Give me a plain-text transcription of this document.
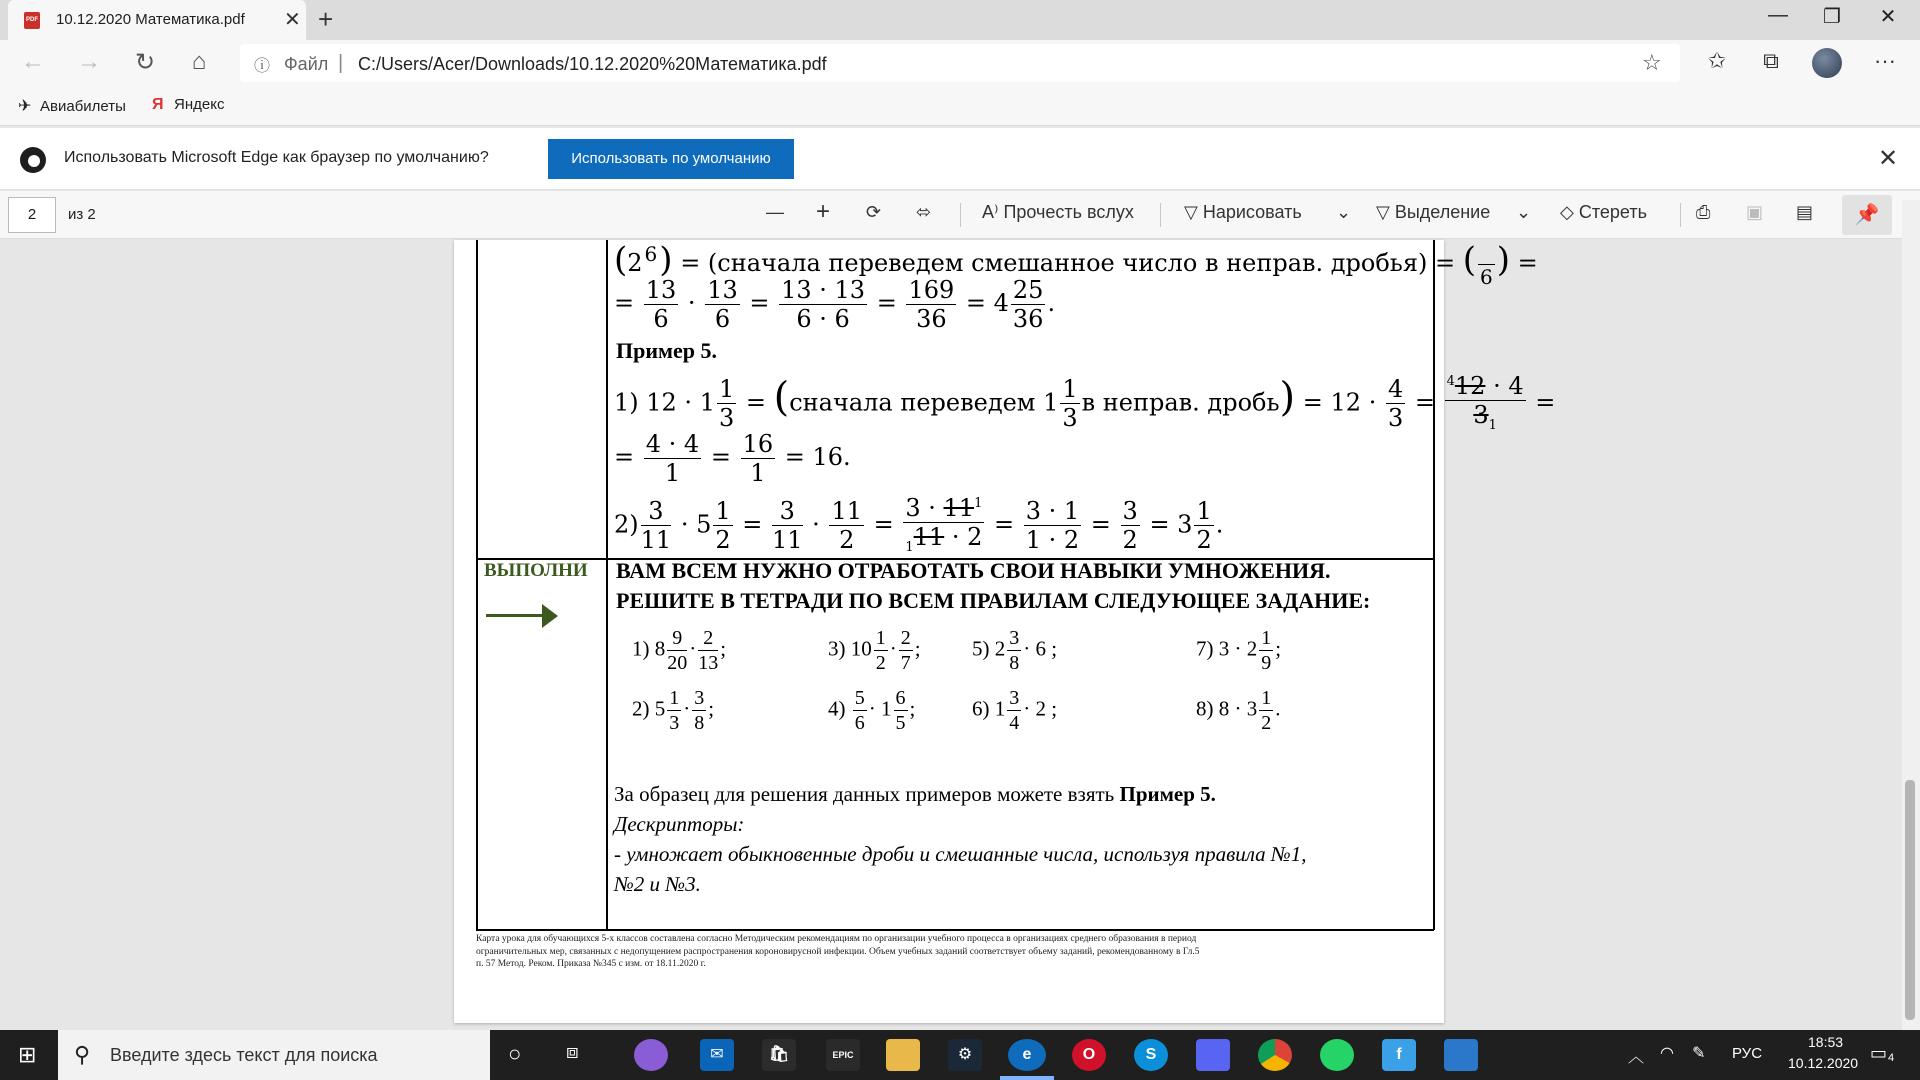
PDF 10.12.2020 Математика.pdf ✕ +	—	❐	✕
← → ↻	⌂	ⓘ Файл | C:/Users/Acer/Downloads/10.12.2020%20Математика.pdf	☆	✩	⧉	···
✈ Авиабилеты Я Яндекс
Использовать Microsoft Edge как браузер по умолчанию?	Использовать по умолчанию	✕
2	из 2	— + ⟳ ⬄	A⁾ Прочесть вслух	▽ Нарисовать ⌄ ▽ Выделение ⌄ ◇ Стереть	⎙ ▣ ▤	📌
(2 6 ) = (сначала переведем смешанное число в неправ. дробья) = ( 6 ) =
= $\frac{13}{6} \cdot \frac{13}{6} = \frac{13 \cdot 13}{6 \cdot 6} = \frac{169}{36} = 4 \frac{25}{36}$ .
Пример 5.
1) $12 \cdot 1 \frac{1}{3}$ = (сначала переведем $1 \frac{1}{3}$ в неправ. дробь) = $12 \cdot \frac{4}{3} = \frac{^412 \cdot 4}{3_1}$ =
= $\frac{4 \cdot 4}{1} = \frac{16}{1} = 16$.
$2) \frac{3}{11} \cdot 5 \frac{1}{2} = \frac{3}{11} \cdot \frac{11}{2} = \frac{3 \cdot 11^1}{_111 \cdot 2} = \frac{3 \cdot 1}{1 \cdot 2} = \frac{3}{2} = 3 \frac{1}{2}$ .
ВЫПОЛНИ ВАМ ВСЕМ НУЖНО ОТРАБОТАТЬ СВОИ НАВЫКИ УМНОЖЕНИЯ.
РЕШИТЕ В ТЕТРАДИ ПО ВСЕМ ПРАВИЛАМ СЛЕДУЮЩЕЕ ЗАДАНИЕ:
1) $8 \frac{9}{20} \cdot \frac{2}{13}$ ;	3) $10 \frac{1}{2} \cdot \frac{2}{7}$ ; 5) $2 \frac{3}{8} \cdot 6$ ;	7) $3 \cdot 2 \frac{1}{9}$ ;
2) $5 \frac{1}{3} \cdot \frac{3}{8}$ ;	$4) \frac{5}{6} \cdot 1 \frac{6}{5}$ ;	6) $1 \frac{3}{4} \cdot 2$ ;	8) $8 \cdot 3 \frac{1}{2}$ .
За образец для решения данных примеров можете взять Пример 5.
Дескрипторы:
- умножает обыкновенные дроби и смешанные числа, используя правила №1,
№2 и №3.
Карта урока для обучающихся 5-х классов составлена согласно Методическим рекомендациям по организации учебного процесса в организациях среднего образования в период
ограничительных мер, связанных с недопущением распространения короновирусной инфекции. Объем учебных заданий соответствует объему заданий, рекомендованному в Гл.5
п. 57 Метод. Реком. Приказа №345 с изм. от 18.11.2020 г.
⊞ ⚲ Введите здесь текст для поиска	○ ⧈	✉	🛍	EPIC	⚙	e	O	S	f	︿ ◠ ✎ РУС
18:53
10.12.2020 ▭ 4
